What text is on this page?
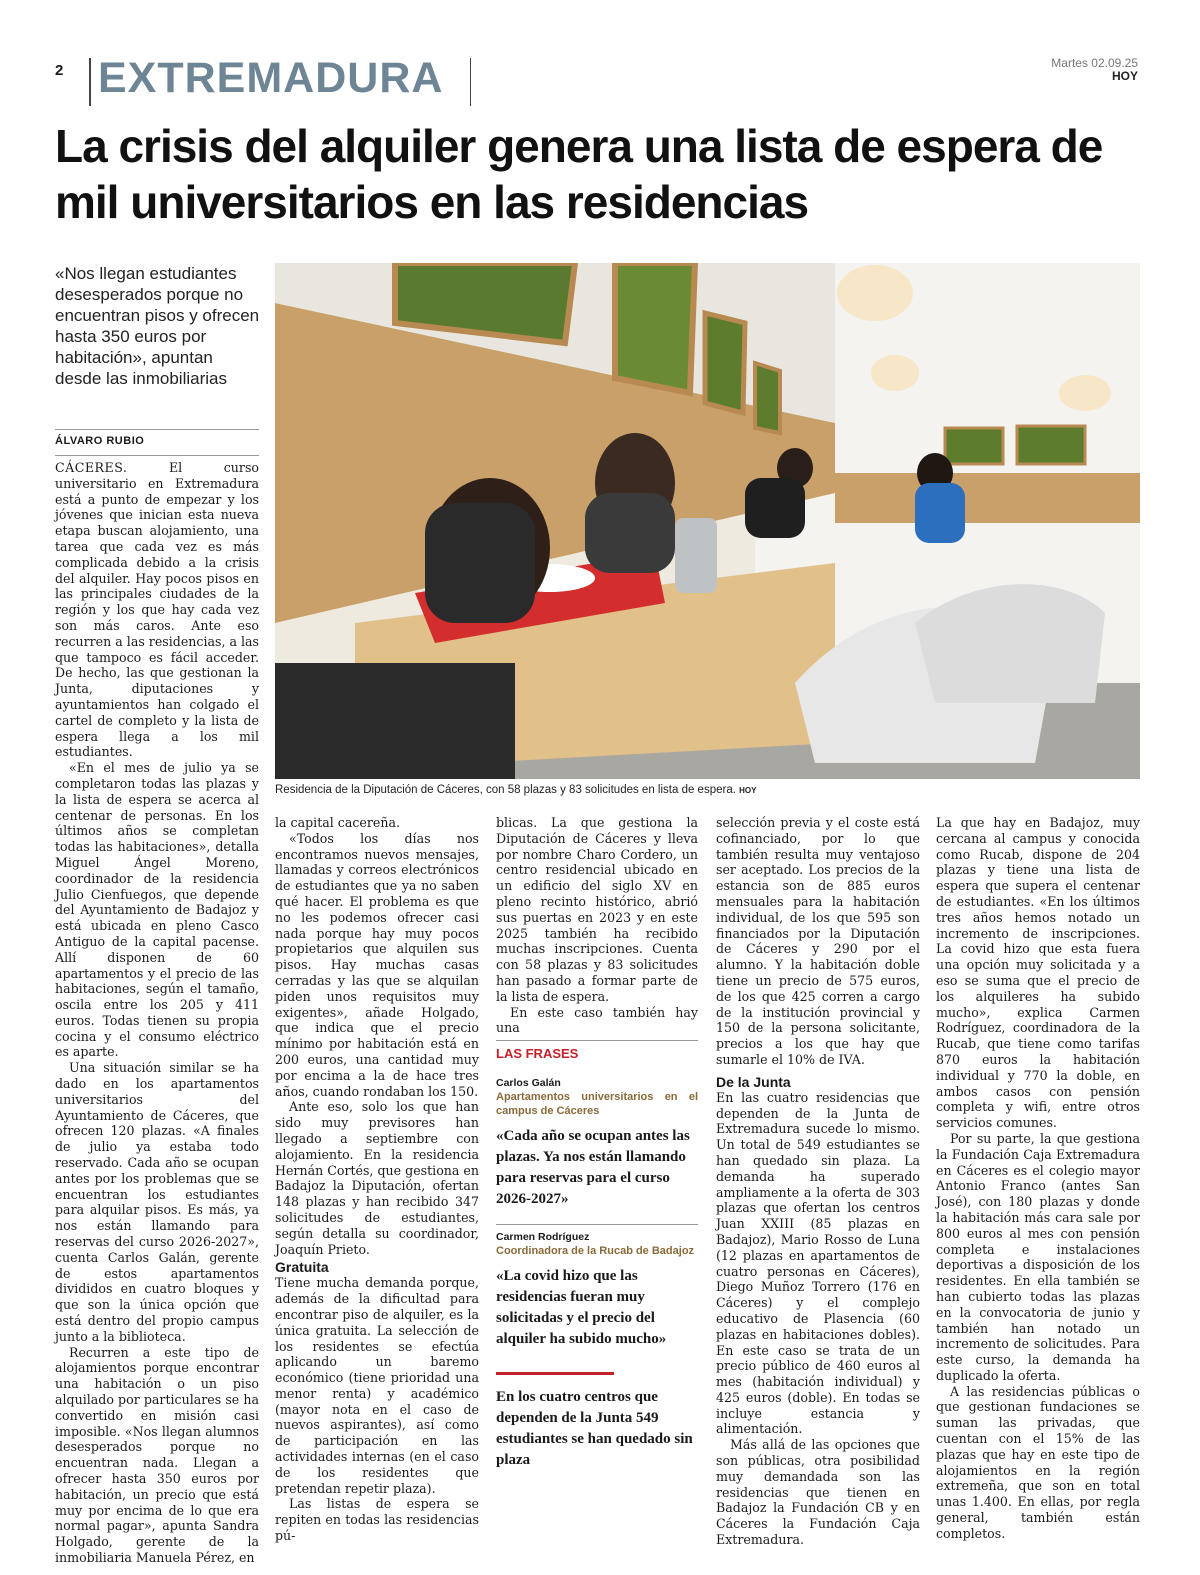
2 EXTREMADURA	Martes 02.09.25
HOY
La crisis del alquiler genera una lista de espera de mil universitarios en las residencias
«Nos llegan estudiantes desesperados porque no encuentran pisos y ofrecen hasta 350 euros por habitación», apuntan desde las inmobiliarias
ÁLVARO RUBIO

CÁCERES.	El curso universitario en Extremadura está a punto de empezar y los jóvenes que inician esta nueva etapa buscan alojamiento, una tarea que cada vez es más complicada debido a la crisis del alquiler. Hay pocos pisos en las principales ciudades de la región y los que hay cada vez son más caros. Ante eso recurren a las residencias, a las que tampoco es fácil acceder. De hecho, las que gestionan la Junta, diputaciones y ayuntamientos han colgado el cartel de completo y la lista de espera llega a los mil estudiantes.

«En el mes de julio ya se completaron todas las plazas y la lista de espera se acerca al centenar de personas. En los últimos años se completan todas las habitaciones», detalla Miguel Ángel Moreno, coordinador de la residencia Julio Cienfuegos, que depende del Ayuntamiento de Badajoz y está ubicada en pleno Casco Antiguo de la capital pacense. Allí disponen de 60 apartamentos y el precio de las habitaciones, según el tamaño, oscila entre los 205 y 411 euros. Todas tienen su propia cocina y el consumo eléctrico es aparte.

Una situación similar se ha dado en los apartamentos universitarios del Ayuntamiento de Cáceres, que ofrecen 120 plazas. «A finales de julio ya estaba todo reservado. Cada año se ocupan antes por los problemas que se encuentran los estudiantes para alquilar pisos. Es más, ya nos están llamando para reservas del curso 2026-2027», cuenta Carlos Galán, gerente de estos apartamentos divididos en cuatro bloques y que son la única opción que está dentro del propio campus junto a la biblioteca.

Recurren a este tipo de alojamientos porque encontrar una habitación o un piso alquilado por particulares se ha convertido en misión casi imposible. «Nos llegan alumnos desesperados porque no encuentran nada. Llegan a ofrecer hasta 350 euros por habitación, un precio que está muy por encima de lo que era normal pagar», apunta Sandra Holgado, gerente de la inmobiliaria Manuela Pérez, en

Residencia de la Diputación de Cáceres, con 58 plazas y 83 solicitudes en lista de espera. HOY

la capital cacereña.

«Todos los días nos encontramos nuevos mensajes, llamadas y correos electrónicos de estudiantes que ya no saben qué hacer. El problema es que no les podemos ofrecer casi nada porque hay muy pocos propietarios que alquilen sus pisos. Hay muchas casas cerradas y las que se alquilan piden unos requisitos muy exigentes», añade Holgado, que indica que el precio mínimo por habitación está en 200 euros, una cantidad muy por encima a la de hace tres años, cuando rondaban los 150.

Ante eso, solo los que han sido muy previsores han llegado a septiembre con alojamiento. En la residencia Hernán Cortés, que gestiona en Badajoz la Diputación, ofertan 148 plazas y han recibido 347 solicitudes de estudiantes, según detalla su coordinador, Joaquín Prieto.

Gratuita

Tiene mucha demanda porque, además de la dificultad para encontrar piso de alquiler, es la única gratuita. La selección de los residentes se efectúa aplicando un baremo económico (tiene prioridad una menor renta) y académico (mayor nota en el caso de nuevos aspirantes), así como de participación en las actividades internas (en el caso de los residentes que pretendan repetir plaza).

Las listas de espera se repiten en todas las residencias pú-

blicas. La que gestiona la Diputación de Cáceres y lleva por nombre Charo Cordero, un centro residencial ubicado en un edificio del siglo XV en pleno recinto histórico, abrió sus puertas en 2023 y en este 2025 también ha recibido muchas inscripciones. Cuenta con 58 plazas y 83 solicitudes han pasado a formar parte de la lista de espera.

En este caso también hay una

LAS FRASES
Carlos Galán
Apartamentos universitarios en el campus de Cáceres
«Cada año se ocupan antes las plazas. Ya nos están llamando para reservas para el curso 2026-2027»
Carmen Rodríguez
Coordinadora de la Rucab de Badajoz
«La covid hizo que las residencias fueran muy solicitadas y el precio del alquiler ha subido mucho»
En los cuatro centros que dependen de la Junta 549 estudiantes se han quedado sin plaza

selección previa y el coste está cofinanciado, por lo que también resulta muy ventajoso ser aceptado. Los precios de la estancia son de 885 euros mensuales para la habitación individual, de los que 595 son financiados por la Diputación de Cáceres y 290 por el alumno. Y la habitación doble tiene un precio de 575 euros, de los que 425 corren a cargo de la institución provincial y 150 de la persona solicitante, precios a los que hay que sumarle el 10% de IVA.

De la Junta

En las cuatro residencias que dependen de la Junta de Extremadura sucede lo mismo. Un total de 549 estudiantes se han quedado sin plaza. La demanda ha superado ampliamente a la oferta de 303 plazas que ofertan los centros Juan XXIII (85 plazas en Badajoz), Mario Rosso de Luna (12 plazas en apartamentos de cuatro personas en Cáceres), Diego Muñoz Torrero (176 en Cáceres) y el complejo educativo de Plasencia (60 plazas en habitaciones dobles). En este caso se trata de un precio público de 460 euros al mes (habitación individual) y 425 euros (doble). En todas se incluye estancia y alimentación.

Más allá de las opciones que son públicas, otra posibilidad muy demandada son las residencias que tienen en Badajoz la Fundación CB y en Cáceres la Fundación Caja Extremadura.

La que hay en Badajoz, muy cercana al campus y conocida como Rucab, dispone de 204 plazas y tiene una lista de espera que supera el centenar de estudiantes. «En los últimos tres años hemos notado un incremento de inscripciones. La covid hizo que esta fuera una opción muy solicitada y a eso se suma que el precio de los alquileres ha subido mucho», explica Carmen Rodríguez, coordinadora de la Rucab, que tiene como tarifas 870 euros la habitación individual y 770 la doble, en ambos casos con pensión completa y wifi, entre otros servicios comunes.

Por su parte, la que gestiona la Fundación Caja Extremadura en Cáceres es el colegio mayor Antonio Franco (antes San José), con 180 plazas y donde la habitación más cara sale por 800 euros al mes con pensión completa e instalaciones deportivas a disposición de los residentes. En ella también se han cubierto todas las plazas en la convocatoria de junio y también han notado un incremento de solicitudes. Para este curso, la demanda ha duplicado la oferta.

A las residencias públicas o que gestionan fundaciones se suman las privadas, que cuentan con el 15% de las plazas que hay en este tipo de alojamientos en la región extremeña, que son en total unas 1.400. En ellas, por regla general, también están completos.
